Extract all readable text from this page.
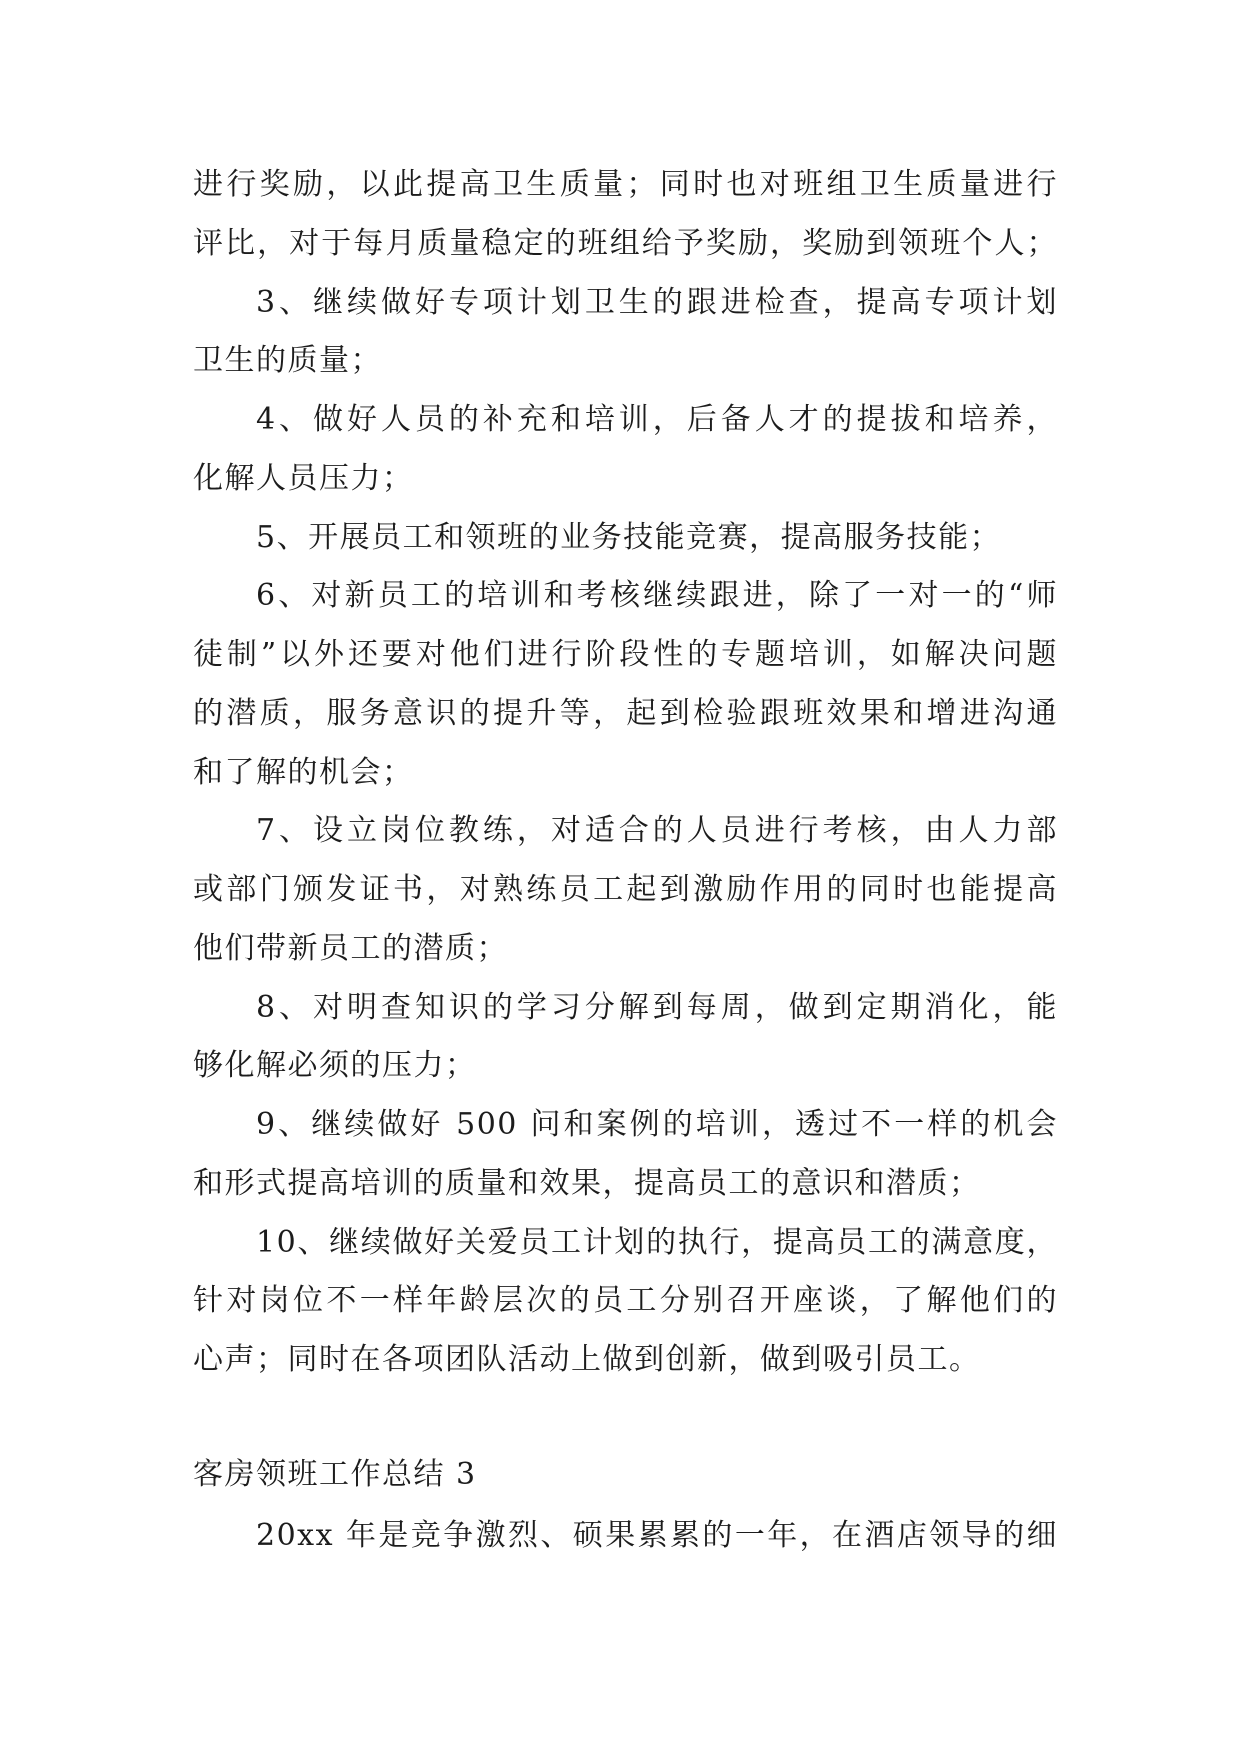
进行奖励，以此提高卫生质量；同时也对班组卫生质量进行
评比，对于每月质量稳定的班组给予奖励，奖励到领班个人；
3、继续做好专项计划卫生的跟进检查，提高专项计划
卫生的质量；
4、做好人员的补充和培训，后备人才的提拔和培养，
化解人员压力；
5、开展员工和领班的业务技能竞赛，提高服务技能；
6、对新员工的培训和考核继续跟进，除了一对一的“师
徒制”以外还要对他们进行阶段性的专题培训，如解决问题
的潜质，服务意识的提升等，起到检验跟班效果和增进沟通
和了解的机会；
7、设立岗位教练，对适合的人员进行考核，由人力部
或部门颁发证书，对熟练员工起到激励作用的同时也能提高
他们带新员工的潜质；
8、对明查知识的学习分解到每周，做到定期消化，能
够化解必须的压力；
9、继续做好 500 问和案例的培训，透过不一样的机会
和形式提高培训的质量和效果，提高员工的意识和潜质；
10、继续做好关爱员工计划的执行，提高员工的满意度，
针对岗位不一样年龄层次的员工分别召开座谈，了解他们的
心声；同时在各项团队活动上做到创新，做到吸引员工。
客房领班工作总结 3
20xx 年是竞争激烈、硕果累累的一年，在酒店领导的细
